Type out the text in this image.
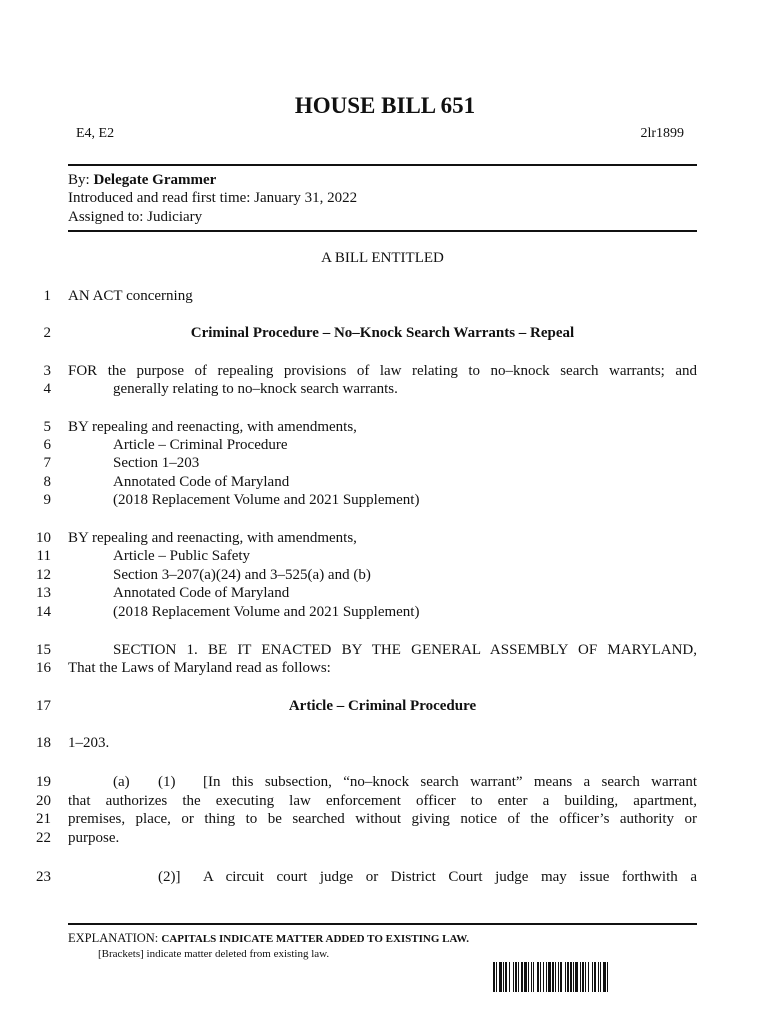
HOUSE BILL 651
E4, E2	2lr1899
By: Delegate Grammer
Introduced and read first time: January 31, 2022
Assigned to: Judiciary
A BILL ENTITLED
1
2
3
4
5
6
7
8
9
10
11
12
13
14
15
16
17
18
19
20
21
22
23
AN ACT concerning
Criminal Procedure – No–Knock Search Warrants – Repeal
FOR the purpose of repealing provisions of law relating to no–knock search warrants; and
generally relating to no–knock search warrants.
BY repealing and reenacting, with amendments,
Article – Criminal Procedure
Section 1–203
Annotated Code of Maryland
(2018 Replacement Volume and 2021 Supplement)
BY repealing and reenacting, with amendments,
Article – Public Safety
Section 3–207(a)(24) and 3–525(a) and (b)
Annotated Code of Maryland
(2018 Replacement Volume and 2021 Supplement)
SECTION 1. BE IT ENACTED BY THE GENERAL ASSEMBLY OF MARYLAND,
That the Laws of Maryland read as follows:
Article – Criminal Procedure
1–203.
(a) (1) [In this subsection, “no–knock search warrant” means a search warrant
that authorizes the executing law enforcement officer to enter a building, apartment,
premises, place, or thing to be searched without giving notice of the officer’s authority or
purpose.
(2)] A circuit court judge or District Court judge may issue forthwith a
EXPLANATION: CAPITALS INDICATE MATTER ADDED TO EXISTING LAW.
[Brackets] indicate matter deleted from existing law.
